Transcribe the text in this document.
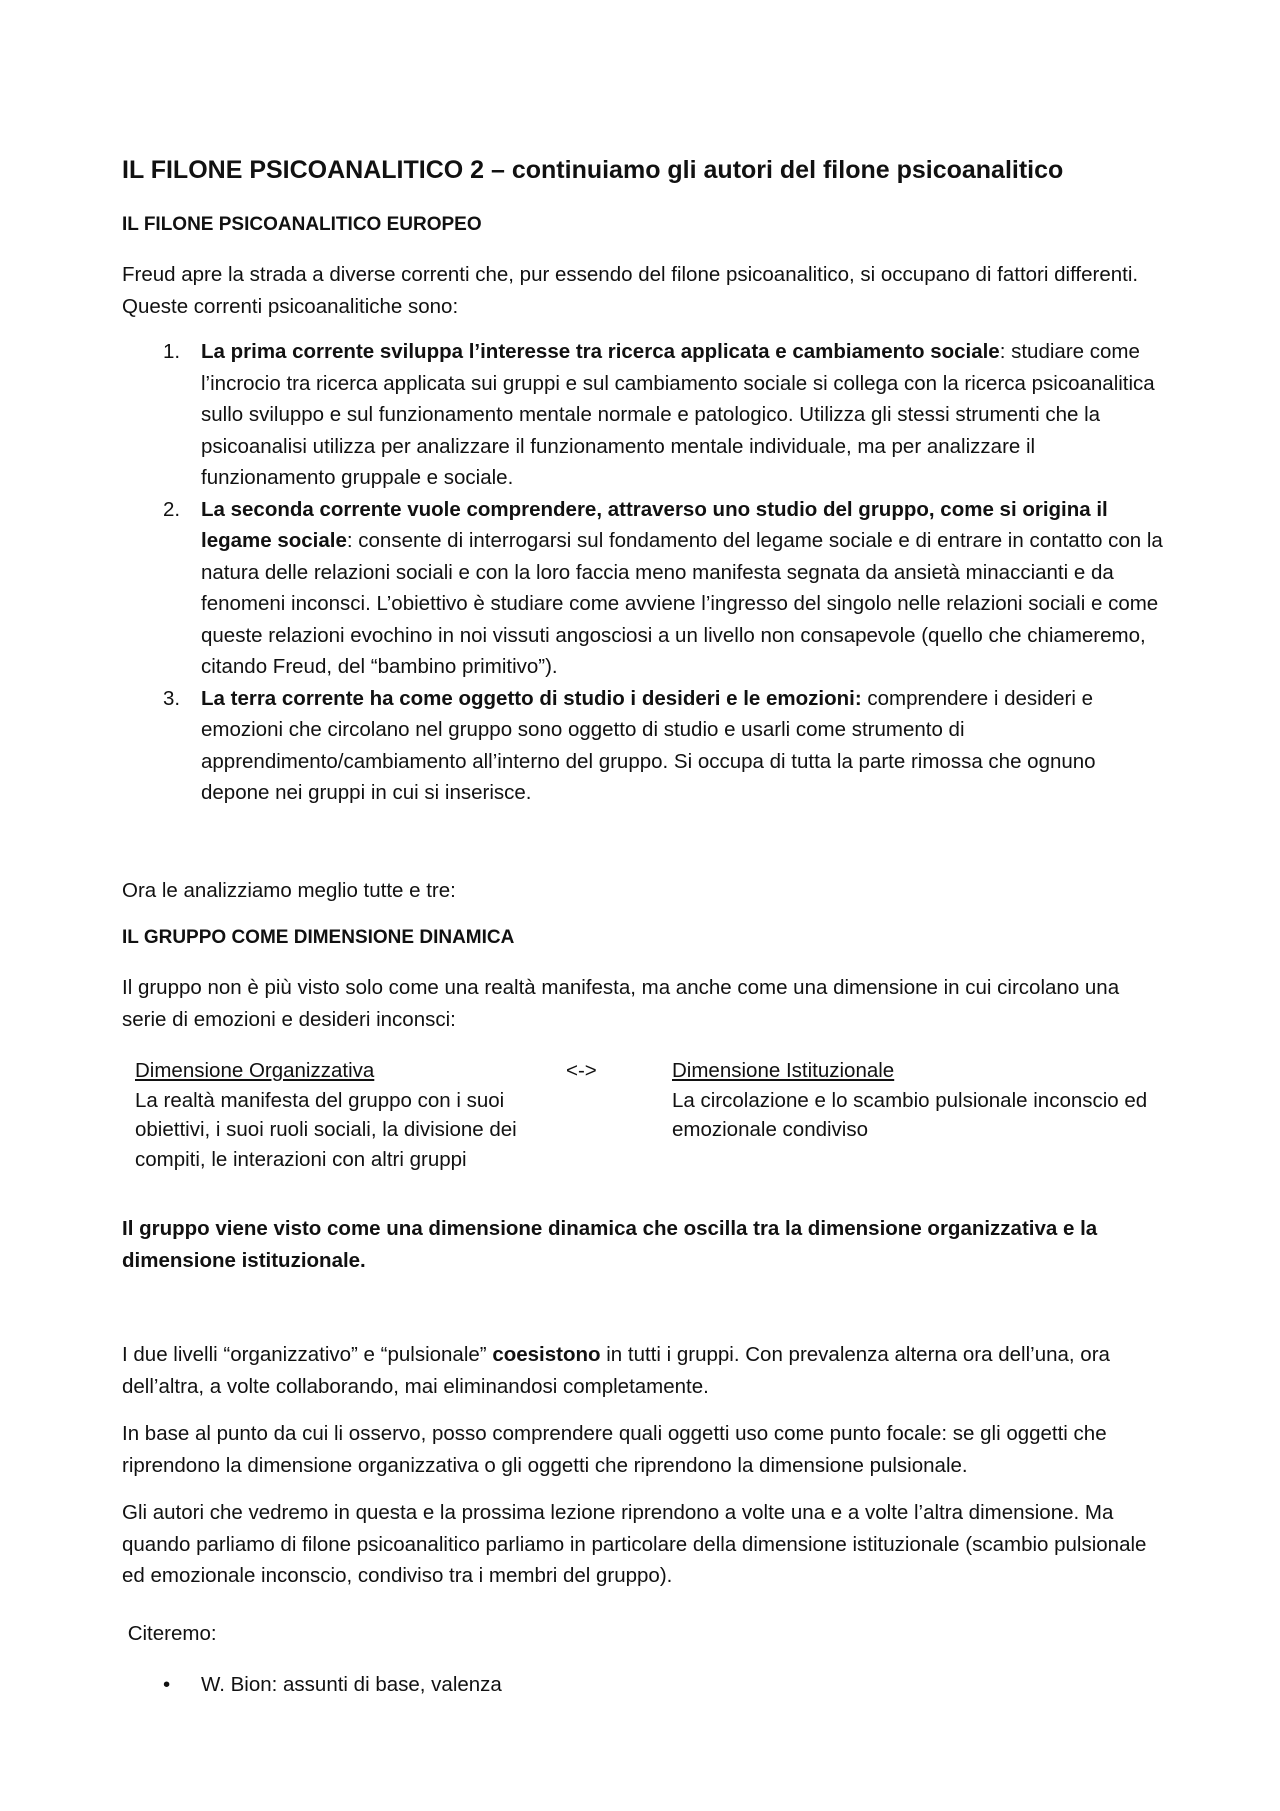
IL FILONE PSICOANALITICO 2 – continuiamo gli autori del filone psicoanalitico
IL FILONE PSICOANALITICO EUROPEO

Freud apre la strada a diverse correnti che, pur essendo del filone psicoanalitico, si occupano di fattori differenti. Queste correnti psicoanalitiche sono:

1. La prima corrente sviluppa l’interesse tra ricerca applicata e cambiamento sociale: studiare come l’incrocio tra ricerca applicata sui gruppi e sul cambiamento sociale si collega con la ricerca psicoanalitica sullo sviluppo e sul funzionamento mentale normale e patologico. Utilizza gli stessi strumenti che la psicoanalisi utilizza per analizzare il funzionamento mentale individuale, ma per analizzare il funzionamento gruppale e sociale.
2. La seconda corrente vuole comprendere, attraverso uno studio del gruppo, come si origina il legame sociale: consente di interrogarsi sul fondamento del legame sociale e di entrare in contatto con la natura delle relazioni sociali e con la loro faccia meno manifesta segnata da ansietà minaccianti e da fenomeni inconsci. L’obiettivo è studiare come avviene l’ingresso del singolo nelle relazioni sociali e come queste relazioni evochino in noi vissuti angosciosi a un livello non consapevole (quello che chiameremo, citando Freud, del “bambino primitivo”).
3. La terra corrente ha come oggetto di studio i desideri e le emozioni: comprendere i desideri e emozioni che circolano nel gruppo sono oggetto di studio e usarli come strumento di apprendimento/cambiamento all’interno del gruppo. Si occupa di tutta la parte rimossa che ognuno depone nei gruppi in cui si inserisce.

Ora le analizziamo meglio tutte e tre:

IL GRUPPO COME DIMENSIONE DINAMICA

Il gruppo non è più visto solo come una realtà manifesta, ma anche come una dimensione in cui circolano una serie di emozioni e desideri inconsci:

Dimensione Organizzativa
La realtà manifesta del gruppo con i suoi obiettivi, i suoi ruoli sociali, la divisione dei compiti, le interazioni con altri gruppi
<->	Dimensione Istituzionale
La circolazione e lo scambio pulsionale inconscio ed emozionale condiviso

Il gruppo viene visto come una dimensione dinamica che oscilla tra la dimensione organizzativa e la dimensione istituzionale.

I due livelli “organizzativo” e “pulsionale” coesistono in tutti i gruppi. Con prevalenza alterna ora dell’una, ora dell’altra, a volte collaborando, mai eliminandosi completamente.

In base al punto da cui li osservo, posso comprendere quali oggetti uso come punto focale: se gli oggetti che riprendono la dimensione organizzativa o gli oggetti che riprendono la dimensione pulsionale.

Gli autori che vedremo in questa e la prossima lezione riprendono a volte una e a volte l’altra dimensione. Ma quando parliamo di filone psicoanalitico parliamo in particolare della dimensione istituzionale (scambio pulsionale ed emozionale inconscio, condiviso tra i membri del gruppo).

Citeremo:

• W. Bion: assunti di base, valenza
